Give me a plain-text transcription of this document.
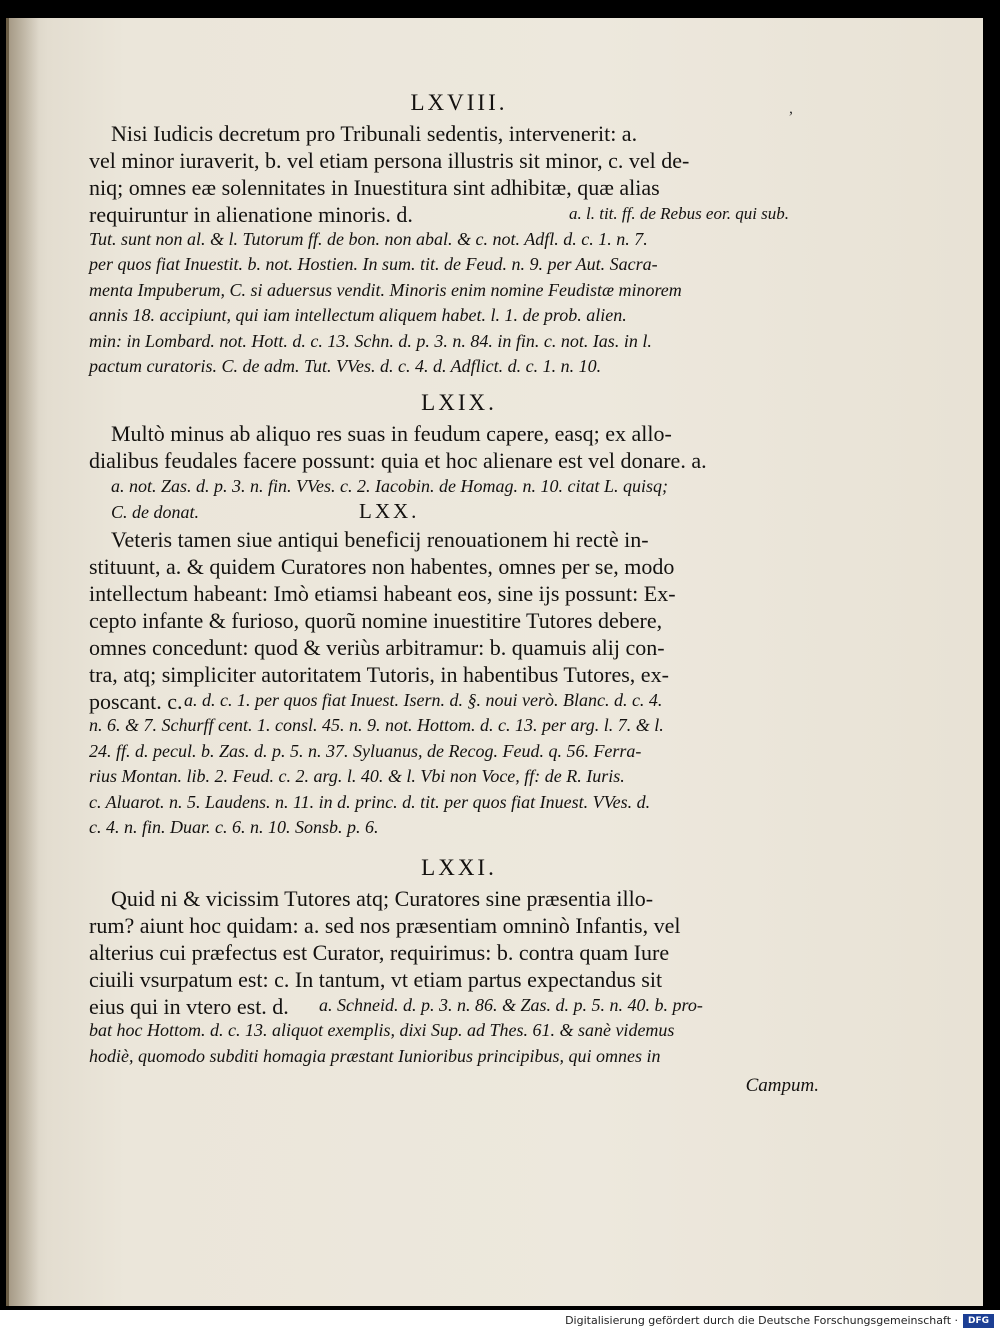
,
LXVIII.
Nisi Iudicis decretum pro Tribunali sedentis, intervenerit: a.
vel minor iuraverit, b. vel etiam persona illustris sit minor, c. vel de-
niq; omnes eæ solennitates in Inuestitura sint adhibitæ, quæ alias
requiruntur in alienatione minoris. d.	a. l. tit. ff. de Rebus eor. qui sub.
Tut. sunt non al. & l. Tutorum ff. de bon. non abal. & c. not. Adfl. d. c. 1. n. 7.
per quos fiat Inuestit. b. not. Hostien. In sum. tit. de Feud. n. 9. per Aut. Sacra-
menta Impuberum, C. si aduersus vendit. Minoris enim nomine Feudistæ minorem
annis 18. accipiunt, qui iam intellectum aliquem habet. l. 1. de prob. alien.
min: in Lombard. not. Hott. d. c. 13. Schn. d. p. 3. n. 84. in fin. c. not. Ias. in l.
pactum curatoris. C. de adm. Tut. VVes. d. c. 4. d. Adflict. d. c. 1. n. 10.
LXIX.
Multò minus ab aliquo res suas in feudum capere, easq; ex allo-
dialibus feudales facere possunt: quia et hoc alienare est vel donare. a.
a. not. Zas. d. p. 3. n. fin. VVes. c. 2. Iacobin. de Homag. n. 10. citat L. quisq;
C. de donat.	LXX.
Veteris tamen siue antiqui beneficij renouationem hi rectè in-
stituunt, a. & quidem Curatores non habentes, omnes per se, modo
intellectum habeant: Imò etiamsi habeant eos, sine ijs possunt: Ex-
cepto infante & furioso, quorũ nomine inuestitire Tutores debere,
omnes concedunt: quod & veriùs arbitramur: b. quamuis alij con-
tra, atq; simpliciter autoritatem Tutoris, in habentibus Tutores, ex-
poscant. c. a. d. c. 1. per quos fiat Inuest. Isern. d. §. noui verò. Blanc. d. c. 4.
n. 6. & 7. Schurff cent. 1. consl. 45. n. 9. not. Hottom. d. c. 13. per arg. l. 7. & l.
24. ff. d. pecul. b. Zas. d. p. 5. n. 37. Syluanus, de Recog. Feud. q. 56. Ferra-
rius Montan. lib. 2. Feud. c. 2. arg. l. 40. & l. Vbi non Voce, ff: de R. Iuris.
c. Aluarot. n. 5. Laudens. n. 11. in d. princ. d. tit. per quos fiat Inuest. VVes. d.
c. 4. n. fin. Duar. c. 6. n. 10. Sonsb. p. 6.
LXXI.
Quid ni & vicissim Tutores atq; Curatores sine præsentia illo-
rum? aiunt hoc quidam: a. sed nos præsentiam omninò Infantis, vel
alterius cui præfectus est Curator, requirimus: b. contra quam Iure
ciuili vsurpatum est: c. In tantum, vt etiam partus expectandus sit
eius qui in vtero est. d.	a. Schneid. d. p. 3. n. 86. & Zas. d. p. 5. n. 40. b. pro-
bat hoc Hottom. d. c. 13. aliquot exemplis, dixi Sup. ad Thes. 61. & sanè videmus
hodiè, quomodo subditi homagia præstant Iunioribus principibus, qui omnes in
Campum.
Digitalisierung gefördert durch die Deutsche Forschungsgemeinschaft ·	DFG
